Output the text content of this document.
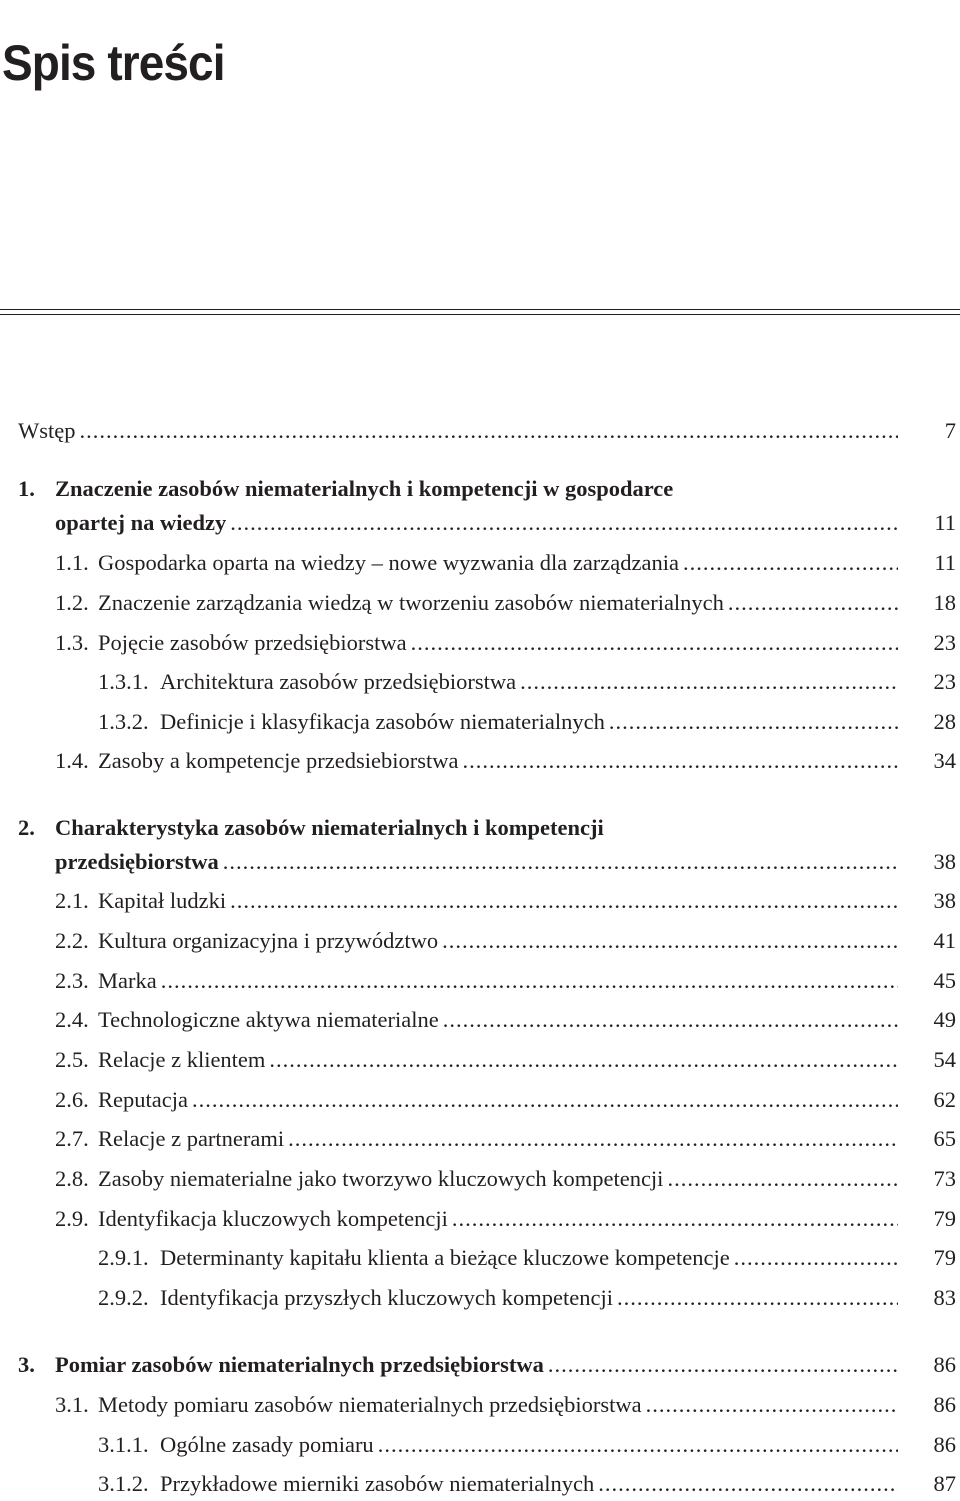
Spis treści
Wstęp .....	7
1. Znaczenie zasobów niematerialnych i kompetencji w gospodarce
opartej na wiedzy .....	11
1.1. Gospodarka oparta na wiedzy – nowe wyzwania dla zarządzania .....	11
1.2. Znaczenie zarządzania wiedzą w tworzeniu zasobów niematerialnych .....	18
1.3. Pojęcie zasobów przedsiębiorstwa .....	23
1.3.1. Architektura zasobów przedsiębiorstwa .....	23
1.3.2. Definicje i klasyfikacja zasobów niematerialnych .....	28
1.4. Zasoby a kompetencje przedsiebiorstwa .....	34
2. Charakterystyka zasobów niematerialnych i kompetencji
przedsiębiorstwa .....	38
2.1. Kapitał ludzki .....	38
2.2. Kultura organizacyjna i przywództwo .....	41
2.3. Marka .....	45
2.4. Technologiczne aktywa niematerialne .....	49
2.5. Relacje z klientem .....	54
2.6. Reputacja .....	62
2.7. Relacje z partnerami .....	65
2.8. Zasoby niematerialne jako tworzywo kluczowych kompetencji .....	73
2.9. Identyfikacja kluczowych kompetencji .....	79
2.9.1. Determinanty kapitału klienta a bieżące kluczowe kompetencje .....	79
2.9.2. Identyfikacja przyszłych kluczowych kompetencji .....	83
3. Pomiar zasobów niematerialnych przedsiębiorstwa .....	86
3.1. Metody pomiaru zasobów niematerialnych przedsiębiorstwa .....	86
3.1.1. Ogólne zasady pomiaru .....	86
3.1.2. Przykładowe mierniki zasobów niematerialnych .....	87
